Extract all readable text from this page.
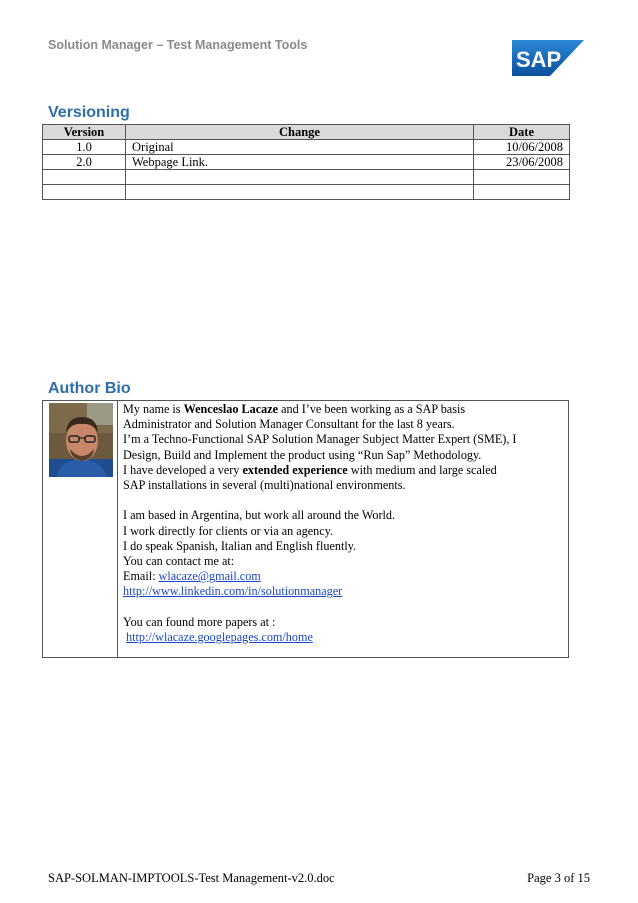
Solution Manager – Test Management Tools
SAP
Versioning
Version	Change	Date
1.0	Original	10/06/2008
2.0	Webpage Link.	23/06/2008

Author Bio

My name is Wenceslao Lacaze and I’ve been working as a SAP basis

Administrator and Solution Manager Consultant for the last 8 years.

I’m a Techno-Functional SAP Solution Manager Subject Matter Expert (SME), I

Design, Build and Implement the product using “Run Sap” Methodology.

I have developed a very extended experience with medium and large scaled

SAP installations in several (multi)national environments.

I am based in Argentina, but work all around the World.

I work directly for clients or via an agency.

I do speak Spanish, Italian and English fluently.

You can contact me at:

Email: wlacaze@gmail.com

http://www.linkedin.com/in/solutionmanager

You can found more papers at :

http://wlacaze.googlepages.com/home

SAP-SOLMAN-IMPTOOLS-Test Management-v2.0.doc	Page 3 of 15
